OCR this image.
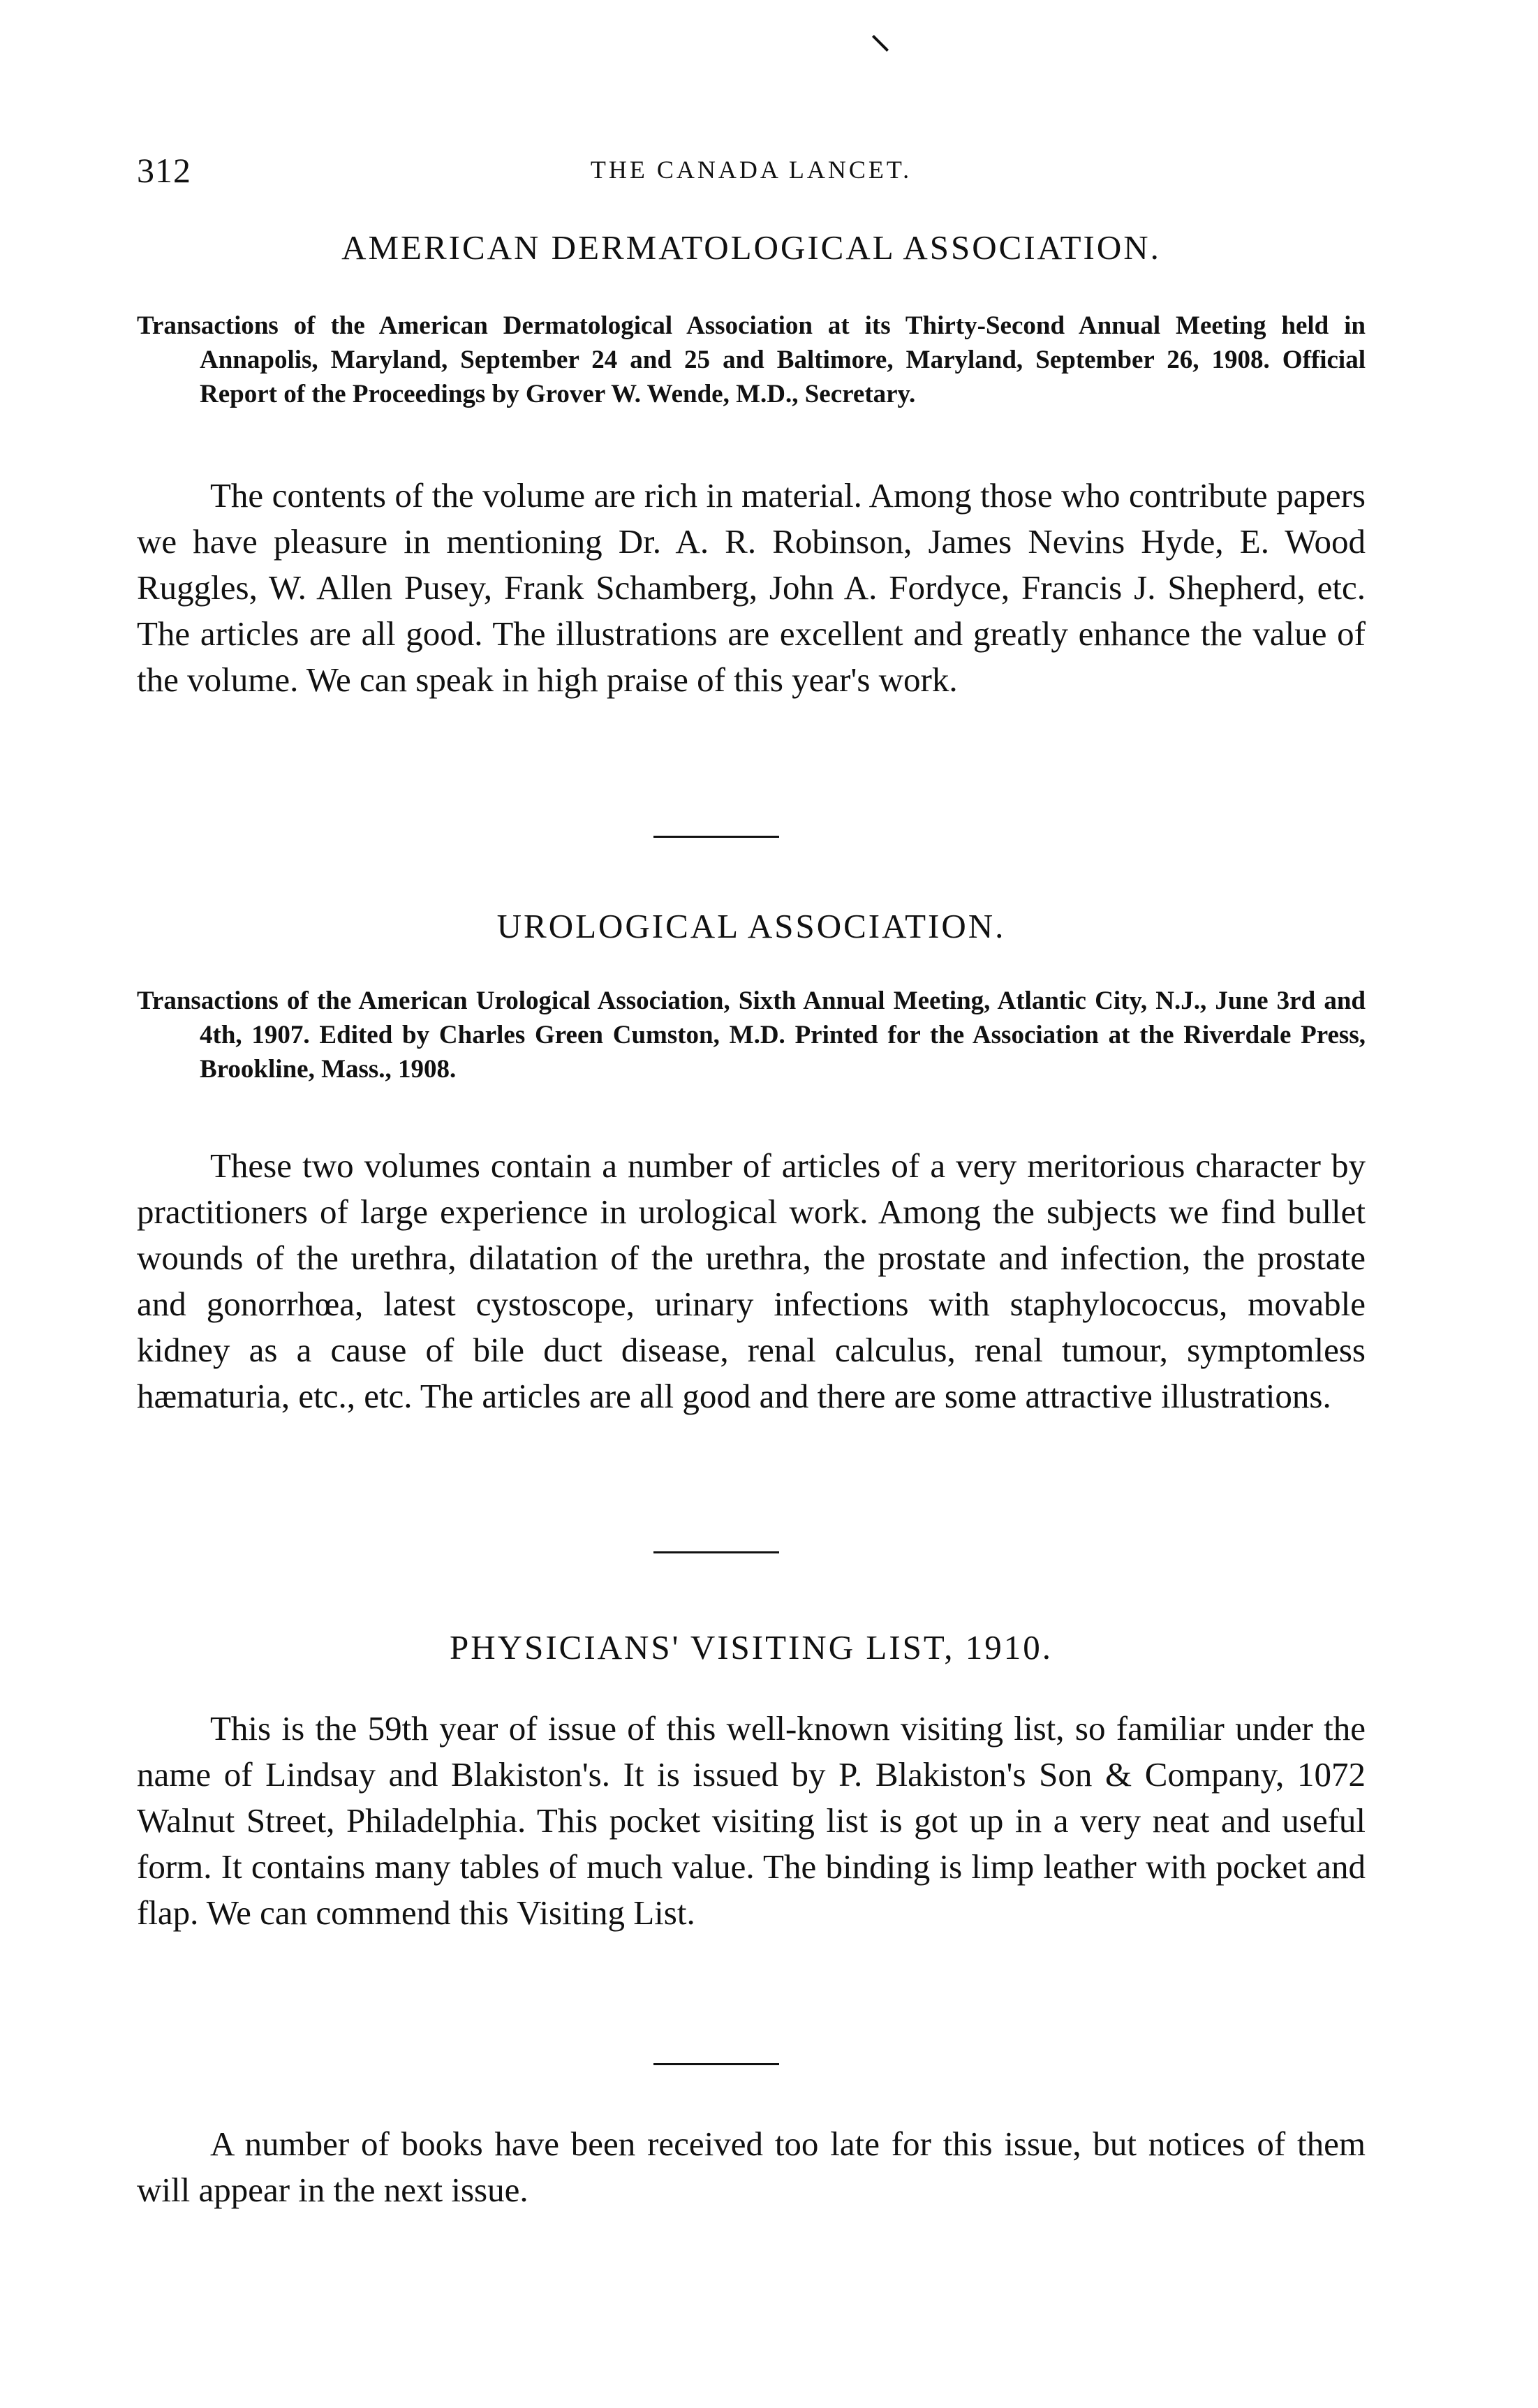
312	THE CANADA LANCET.
AMERICAN DERMATOLOGICAL ASSOCIATION.
Transactions of the American Dermatological Association at its Thirty-Second Annual Meeting held in Annapolis, Maryland, September 24 and 25 and Baltimore, Maryland, September 26, 1908. Official Report of the Proceedings by Grover W. Wende, M.D., Secretary.
The contents of the volume are rich in material. Among those who contribute papers we have pleasure in mentioning Dr. A. R. Robinson, James Nevins Hyde, E. Wood Ruggles, W. Allen Pusey, Frank Schamberg, John A. Fordyce, Francis J. Shepherd, etc. The articles are all good. The illustrations are excellent and greatly enhance the value of the volume. We can speak in high praise of this year's work.
UROLOGICAL ASSOCIATION.
Transactions of the American Urological Association, Sixth Annual Meeting, Atlantic City, N.J., June 3rd and 4th, 1907. Edited by Charles Green Cumston, M.D. Printed for the Association at the Riverdale Press, Brookline, Mass., 1908.
These two volumes contain a number of articles of a very meritorious character by practitioners of large experience in urological work. Among the subjects we find bullet wounds of the urethra, dilatation of the urethra, the prostate and infection, the prostate and gonorrhœa, latest cystoscope, urinary infections with staphylococcus, movable kidney as a cause of bile duct disease, renal calculus, renal tumour, symptomless hæmaturia, etc., etc. The articles are all good and there are some attractive illustrations.
PHYSICIANS' VISITING LIST, 1910.
This is the 59th year of issue of this well-known visiting list, so familiar under the name of Lindsay and Blakiston's. It is issued by P. Blakiston's Son & Company, 1072 Walnut Street, Philadelphia. This pocket visiting list is got up in a very neat and useful form. It contains many tables of much value. The binding is limp leather with pocket and flap. We can commend this Visiting List.
A number of books have been received too late for this issue, but notices of them will appear in the next issue.
